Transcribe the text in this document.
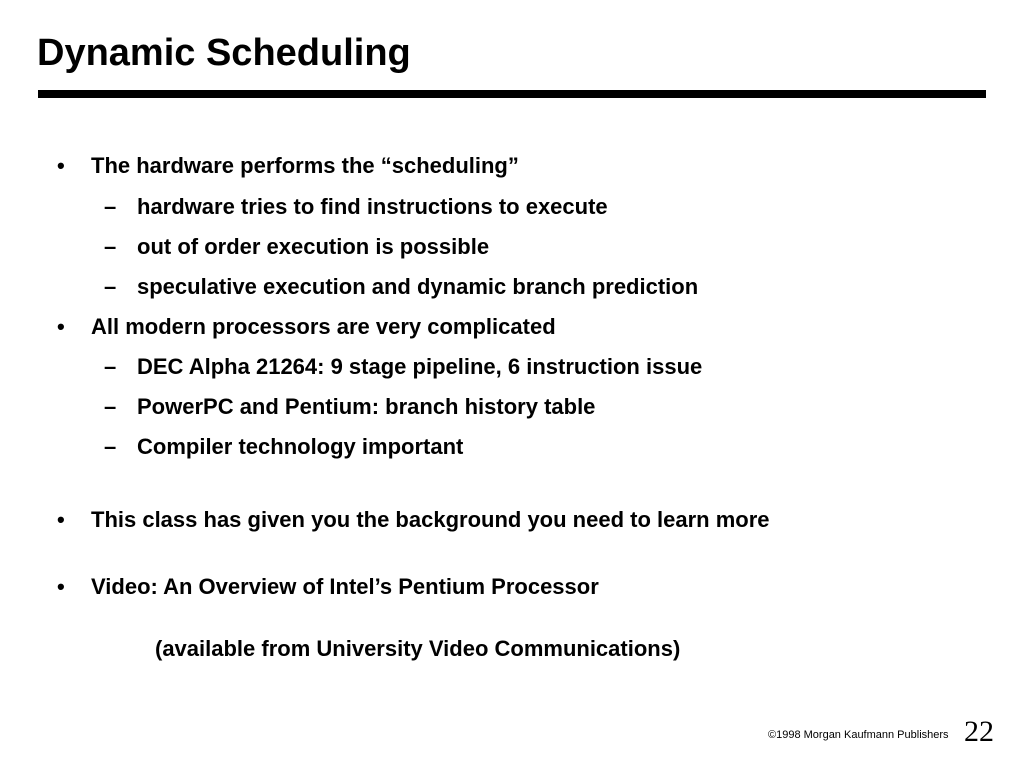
Dynamic Scheduling
• The hardware performs the “scheduling”
– hardware tries to find instructions to execute
– out of order execution is possible
– speculative execution and dynamic branch prediction
• All modern processors are very complicated
– DEC Alpha 21264: 9 stage pipeline, 6 instruction issue
– PowerPC and Pentium: branch history table
– Compiler technology important
• This class has given you the background you need to learn more
• Video: An Overview of Intel’s Pentium Processor
(available from University Video Communications)
©1998 Morgan Kaufmann Publishers 22
